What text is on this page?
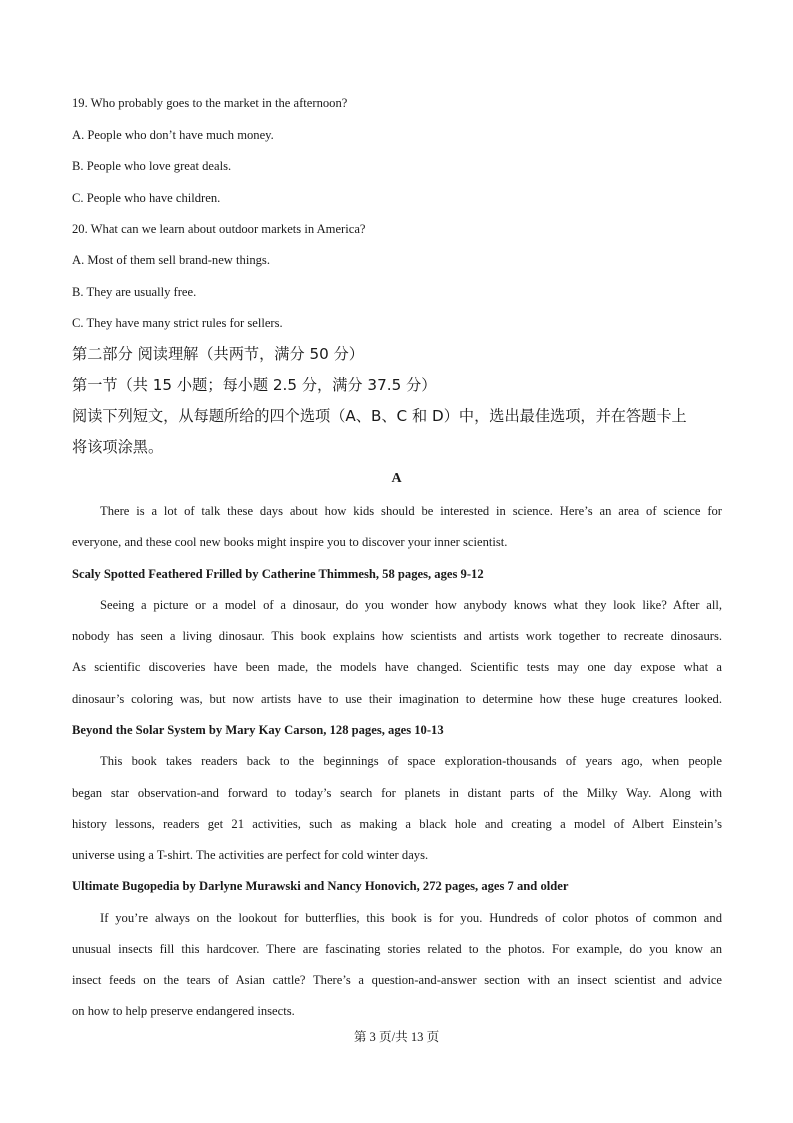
19. Who probably goes to the market in the afternoon?
A. People who don’t have much money.
B. People who love great deals.
C. People who have children.
20. What can we learn about outdoor markets in America?
A. Most of them sell brand-new things.
B. They are usually free.
C. They have many strict rules for sellers.
第二部分 阅读理解（共两节，满分 50 分）
第一节（共 15 小题；每小题 2.5 分，满分 37.5 分）
阅读下列短文，从每题所给的四个选项（A、B、C 和 D）中，选出最佳选项，并在答题卡上
将该项涂黑。
A
There is a lot of talk these days about how kids should be interested in science. Here’s an area of science for
everyone, and these cool new books might inspire you to discover your inner scientist.
Scaly Spotted Feathered Frilled by Catherine Thimmesh, 58 pages, ages 9-12
Seeing a picture or a model of a dinosaur, do you wonder how anybody knows what they look like? After all,
nobody has seen a living dinosaur. This book explains how scientists and artists work together to recreate dinosaurs.
As scientific discoveries have been made, the models have changed. Scientific tests may one day expose what a
dinosaur’s coloring was, but now artists have to use their imagination to determine how these huge creatures looked.
Beyond the Solar System by Mary Kay Carson, 128 pages, ages 10-13
This book takes readers back to the beginnings of space exploration-thousands of years ago, when people
began star observation-and forward to today’s search for planets in distant parts of the Milky Way. Along with
history lessons, readers get 21 activities, such as making a black hole and creating a model of Albert Einstein’s
universe using a T-shirt. The activities are perfect for cold winter days.
Ultimate Bugopedia by Darlyne Murawski and Nancy Honovich, 272 pages, ages 7 and older
If you’re always on the lookout for butterflies, this book is for you. Hundreds of color photos of common and
unusual insects fill this hardcover. There are fascinating stories related to the photos. For example, do you know an
insect feeds on the tears of Asian cattle? There’s a question-and-answer section with an insect scientist and advice
on how to help preserve endangered insects.
第 3 页/共 13 页
